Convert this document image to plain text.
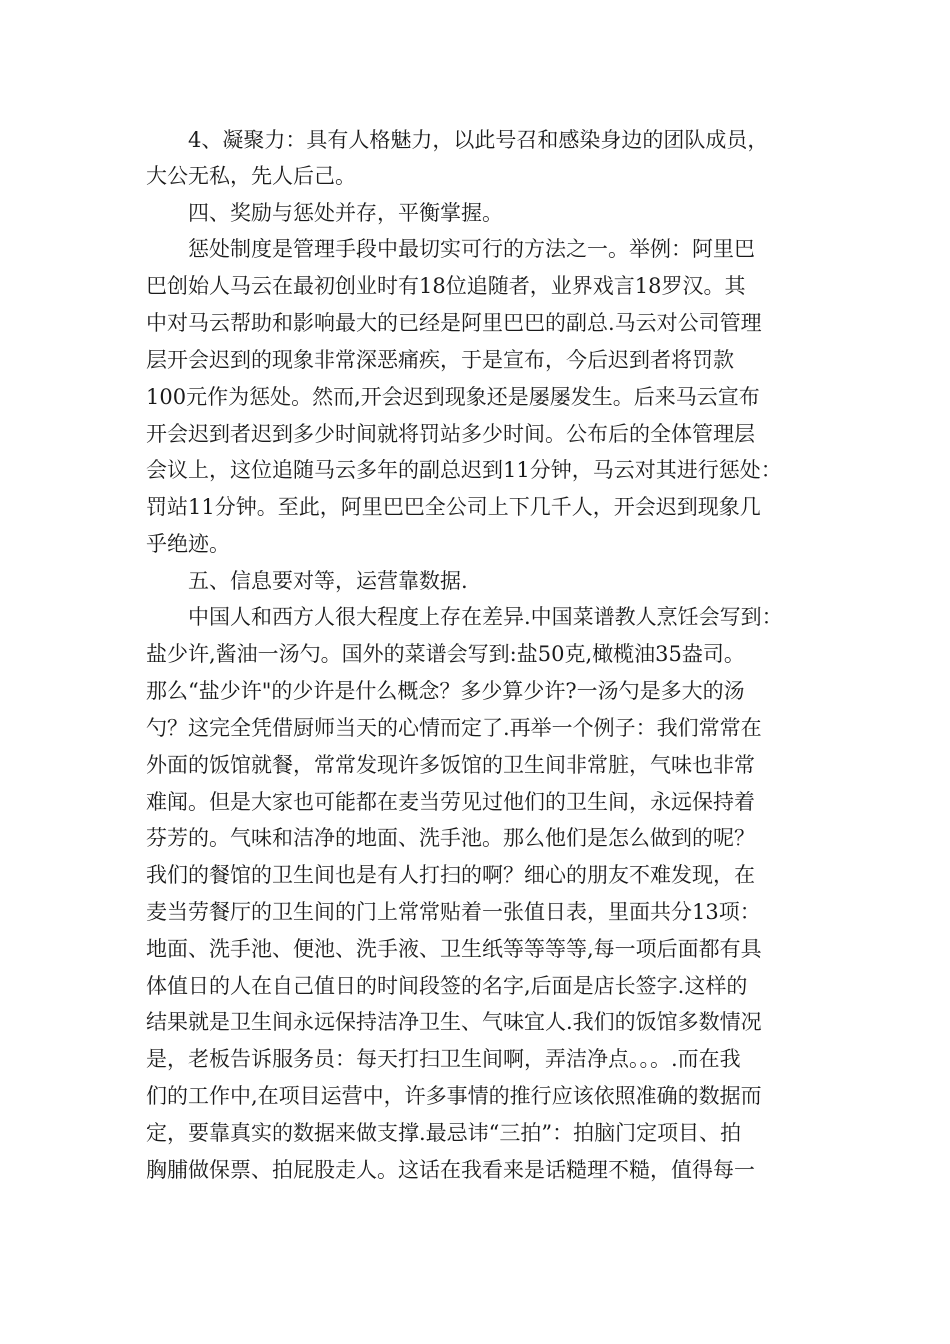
　　4、凝聚力：具有人格魅力，以此号召和感染身边的团队成员，
大公无私，先人后己。
　　四、奖励与惩处并存，平衡掌握。
　　惩处制度是管理手段中最切实可行的方法之一。举例：阿里巴
巴创始人马云在最初创业时有18位追随者，业界戏言18罗汉。其
中对马云帮助和影响最大的已经是阿里巴巴的副总.马云对公司管理
层开会迟到的现象非常深恶痛疾，于是宣布，今后迟到者将罚款
100元作为惩处。然而,开会迟到现象还是屡屡发生。后来马云宣布
开会迟到者迟到多少时间就将罚站多少时间。公布后的全体管理层
会议上，这位追随马云多年的副总迟到11分钟，马云对其进行惩处：
罚站11分钟。至此，阿里巴巴全公司上下几千人，开会迟到现象几
乎绝迹。
　　五、信息要对等，运营靠数据.
　　中国人和西方人很大程度上存在差异.中国菜谱教人烹饪会写到：
盐少许,酱油一汤勺。国外的菜谱会写到:盐50克,橄榄油35盎司。
那么“盐少许"的少许是什么概念？多少算少许?一汤勺是多大的汤
勺？这完全凭借厨师当天的心情而定了.再举一个例子：我们常常在
外面的饭馆就餐，常常发现许多饭馆的卫生间非常脏，气味也非常
难闻。但是大家也可能都在麦当劳见过他们的卫生间，永远保持着
芬芳的。气味和洁净的地面、洗手池。那么他们是怎么做到的呢？
我们的餐馆的卫生间也是有人打扫的啊？细心的朋友不难发现，在
麦当劳餐厅的卫生间的门上常常贴着一张值日表，里面共分13项：
地面、洗手池、便池、洗手液、卫生纸等等等等,每一项后面都有具
体值日的人在自己值日的时间段签的名字,后面是店长签字.这样的
结果就是卫生间永远保持洁净卫生、气味宜人.我们的饭馆多数情况
是，老板告诉服务员：每天打扫卫生间啊，弄洁净点。。。.而在我
们的工作中,在项目运营中，许多事情的推行应该依照准确的数据而
定，要靠真实的数据来做支撑.最忌讳“三拍”：拍脑门定项目、拍
胸脯做保票、拍屁股走人。这话在我看来是话糙理不糙，值得每一
